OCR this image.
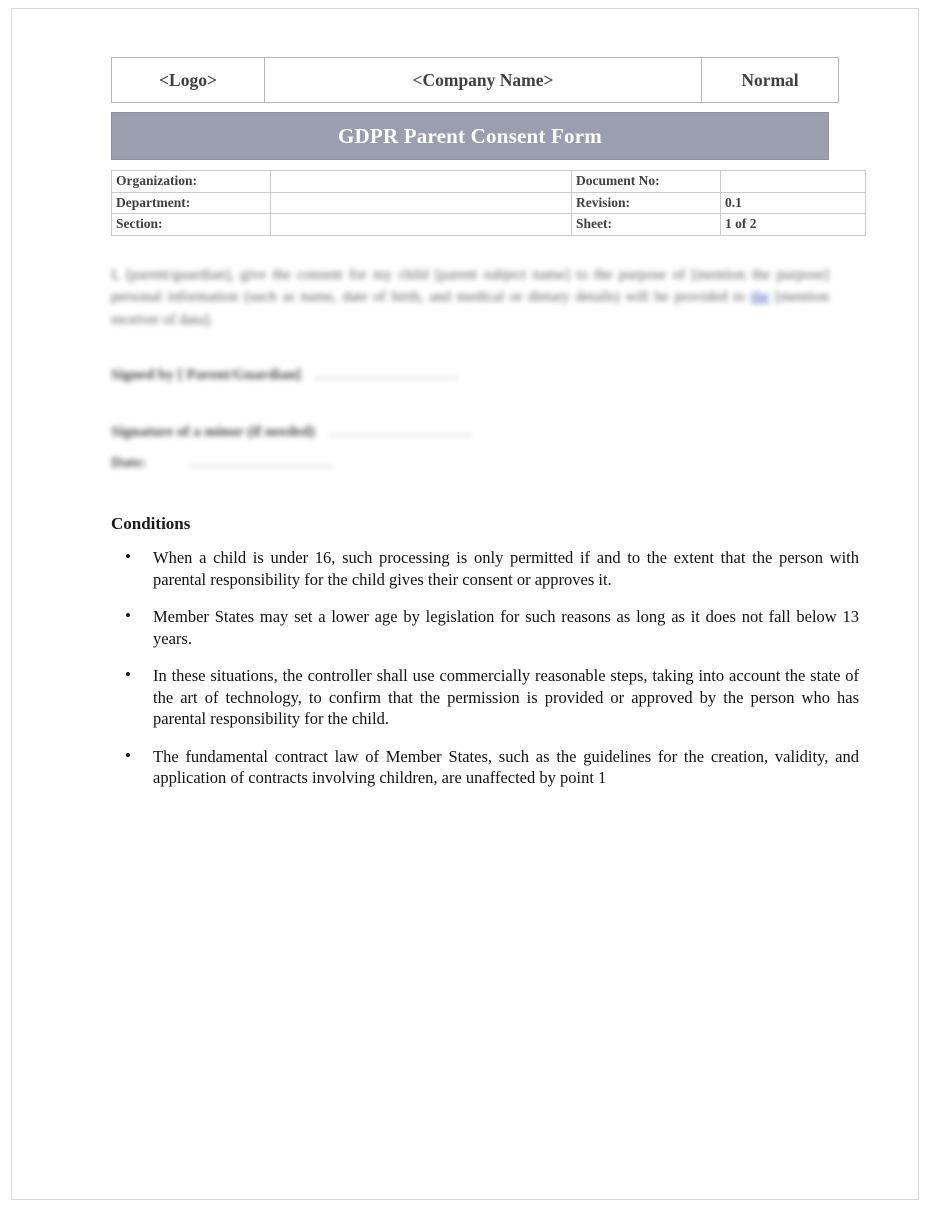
<Logo>	<Company Name>	Normal
GDPR Parent Consent Form
Organization:		Document No:	
Department:		Revision:	0.1
Section:		Sheet:	1 of 2

I, [parent/guardian], give the consent for my child [parent subject name] to the purpose of [mention the purpose] personal information (such as name, date of birth, and medical or dietary details) will be provided to the [mention receiver of data].

Signed by [ Parent/Guardian] .............................
Signature of a minor (if needed) .............................
Date:	.............................
Conditions
• When a child is under 16, such processing is only permitted if and to the extent that the person with parental responsibility for the child gives their consent or approves it.
• Member States may set a lower age by legislation for such reasons as long as it does not fall below 13 years.
• In these situations, the controller shall use commercially reasonable steps, taking into account the state of the art of technology, to confirm that the permission is provided or approved by the person who has parental responsibility for the child.
• The fundamental contract law of Member States, such as the guidelines for the creation, validity, and application of contracts involving children, are unaffected by point 1
